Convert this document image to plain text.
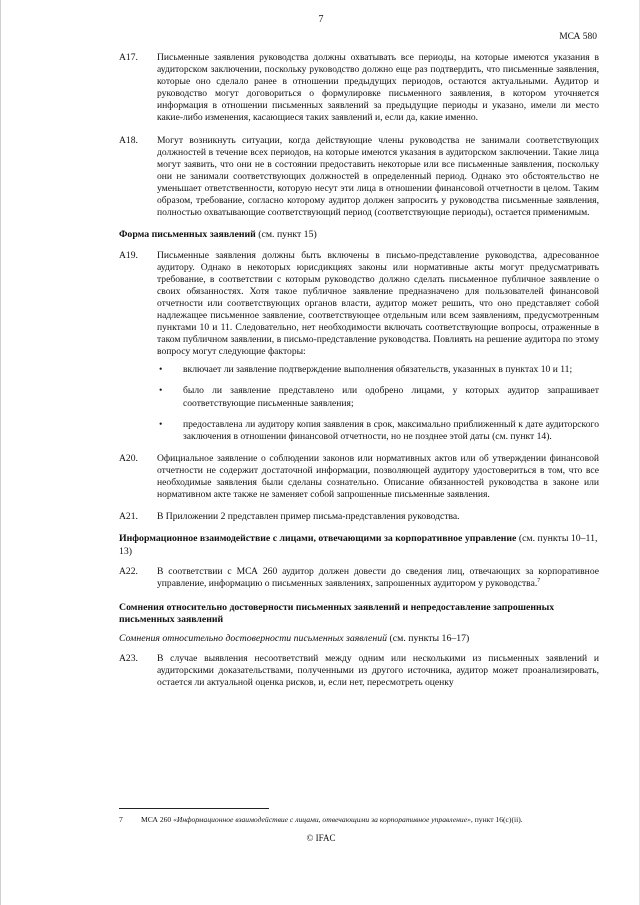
7
МСА 580
A17.	Письменные заявления руководства должны охватывать все периоды, на которые имеются указания в аудиторском заключении, поскольку руководство должно еще раз подтвердить, что письменные заявления, которые оно сделало ранее в отношении предыдущих периодов, остаются актуальными. Аудитор и руководство могут договориться о формулировке письменного заявления, в котором уточняется информация в отношении письменных заявлений за предыдущие периоды и указано, имели ли место какие-либо изменения, касающиеся таких заявлений и, если да, какие именно.
A18.	Могут возникнуть ситуации, когда действующие члены руководства не занимали соответствующих должностей в течение всех периодов, на которые имеются указания в аудиторском заключении. Такие лица могут заявить, что они не в состоянии предоставить некоторые или все письменные заявления, поскольку они не занимали соответствующих должностей в определенный период. Однако это обстоятельство не уменьшает ответственности, которую несут эти лица в отношении финансовой отчетности в целом. Таким образом, требование, согласно которому аудитор должен запросить у руководства письменные заявления, полностью охватывающие соответствующий период (соответствующие периоды), остается применимым.
Форма письменных заявлений (см. пункт 15)
A19.	Письменные заявления должны быть включены в письмо-представление руководства, адресованное аудитору. Однако в некоторых юрисдикциях законы или нормативные акты могут предусматривать требование, в соответствии с которым руководство должно сделать письменное публичное заявление о своих обязанностях. Хотя такое публичное заявление предназначено для пользователей финансовой отчетности или соответствующих органов власти, аудитор может решить, что оно представляет собой надлежащее письменное заявление, соответствующее отдельным или всем заявлениям, предусмотренным пунктами 10 и 11. Следовательно, нет необходимости включать соответствующие вопросы, отраженные в таком публичном заявлении, в письмо-представление руководства. Повлиять на решение аудитора по этому вопросу могут следующие факторы:
• включает ли заявление подтверждение выполнения обязательств, указанных в пунктах 10 и 11;
• было ли заявление представлено или одобрено лицами, у которых аудитор запрашивает соответствующие письменные заявления;
• предоставлена ли аудитору копия заявления в срок, максимально приближенный к дате аудиторского заключения в отношении финансовой отчетности, но не позднее этой даты (см. пункт 14).
A20.	Официальное заявление о соблюдении законов или нормативных актов или об утверждении финансовой отчетности не содержит достаточной информации, позволяющей аудитору удостовериться в том, что все необходимые заявления были сделаны сознательно. Описание обязанностей руководства в законе или нормативном акте также не заменяет собой запрошенные письменные заявления.
A21.	В Приложении 2 представлен пример письма-представления руководства.
Информационное взаимодействие с лицами, отвечающими за корпоративное управление (см. пункты 10–11, 13)
A22.	В соответствии с МСА 260 аудитор должен довести до сведения лиц, отвечающих за корпоративное управление, информацию о письменных заявлениях, запрошенных аудитором у руководства.$^7$
Сомнения относительно достоверности письменных заявлений и непредоставление запрошенных письменных заявлений
Сомнения относительно достоверности письменных заявлений (см. пункты 16–17)
A23.	В случае выявления несоответствий между одним или несколькими из письменных заявлений и аудиторскими доказательствами, полученными из другого источника, аудитор может проанализировать, остается ли актуальной оценка рисков, и, если нет, пересмотреть оценку
7 МСА 260 «Информационное взаимодействие с лицами, отвечающими за корпоративное управление», пункт 16(c)(ii).
© IFAC
